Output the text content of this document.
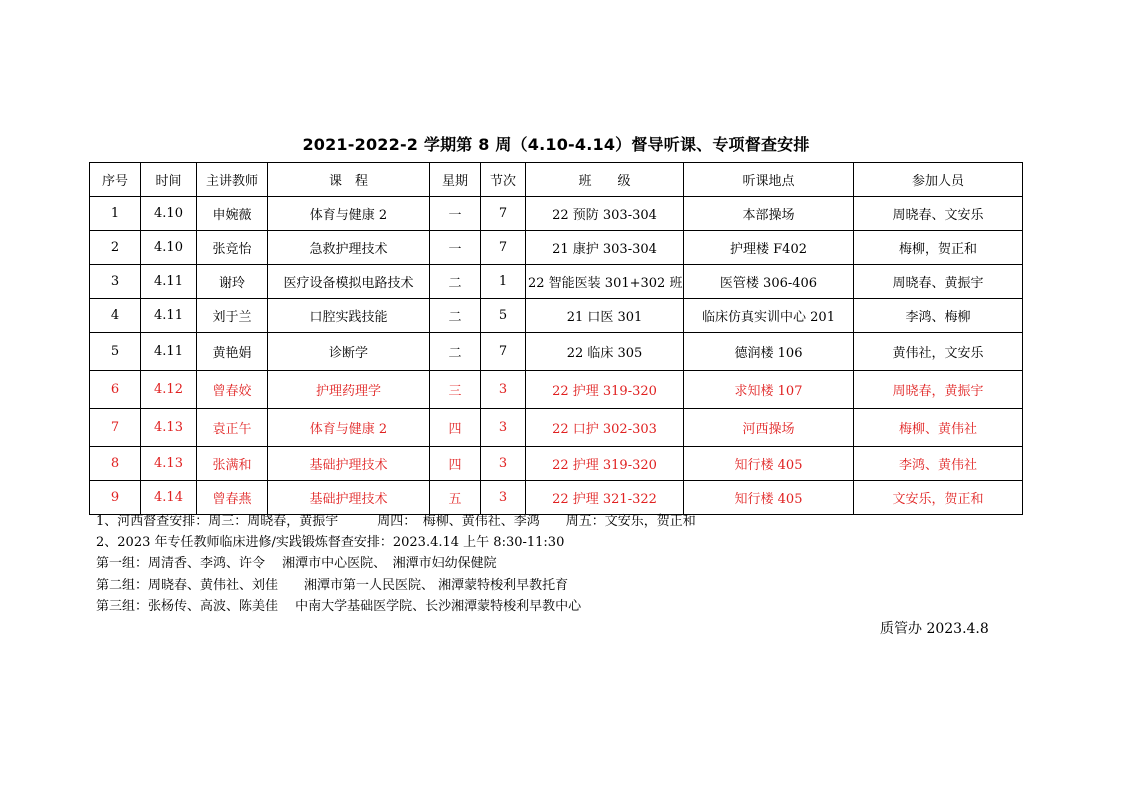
2021-2022-2 学期第 8 周（4.10-4.14）督导听课、专项督查安排
序号	时间	主讲教师	课　程	星期	节次	班　　级	听课地点	参加人员
1	4.10	申婉薇	体育与健康 2	一	7	22 预防 303-304	本部操场	周晓春、文安乐
2	4.10	张竞怡	急救护理技术	一	7	21 康护 303-304	护理楼 F402	梅柳，贺正和
3	4.11	谢玲	医疗设备模拟电路技术	二	1	22 智能医装 301+302 班	医管楼 306-406	周晓春、黄振宇
4	4.11	刘于兰	口腔实践技能	二	5	21 口医 301	临床仿真实训中心 201	李鸿、梅柳
5	4.11	黄艳娟	诊断学	二	7	22 临床 305	德润楼 106	黄伟社，文安乐
6	4.12	曾春姣	护理药理学	三	3	22 护理 319-320	求知楼 107	周晓春，黄振宇
7	4.13	袁正午	体育与健康 2	四	3	22 口护 302-303	河西操场	梅柳、黄伟社
8	4.13	张满和	基础护理技术	四	3	22 护理 319-320	知行楼 405	李鸿、黄伟社
9	4.14	曾春燕	基础护理技术	五	3	22 护理 321-322	知行楼 405	文安乐，贺正和
1、河西督查安排：周三：周晓春，黄振宇　　　周四：　梅柳、黄伟社、李鸿　　周五：文安乐，贺正和
2、2023 年专任教师临床进修/实践锻炼督查安排：2023.4.14 上午 8:30-11:30
第一组：周清香、李鸿、许令　 湘潭市中心医院、　湘潭市妇幼保健院
第二组：周晓春、黄伟社、刘佳　　湘潭市第一人民医院、 湘潭蒙特梭利早教托育
第三组：张杨传、高波、陈美佳　 中南大学基础医学院、长沙湘潭蒙特梭利早教中心
质管办 2023.4.8
